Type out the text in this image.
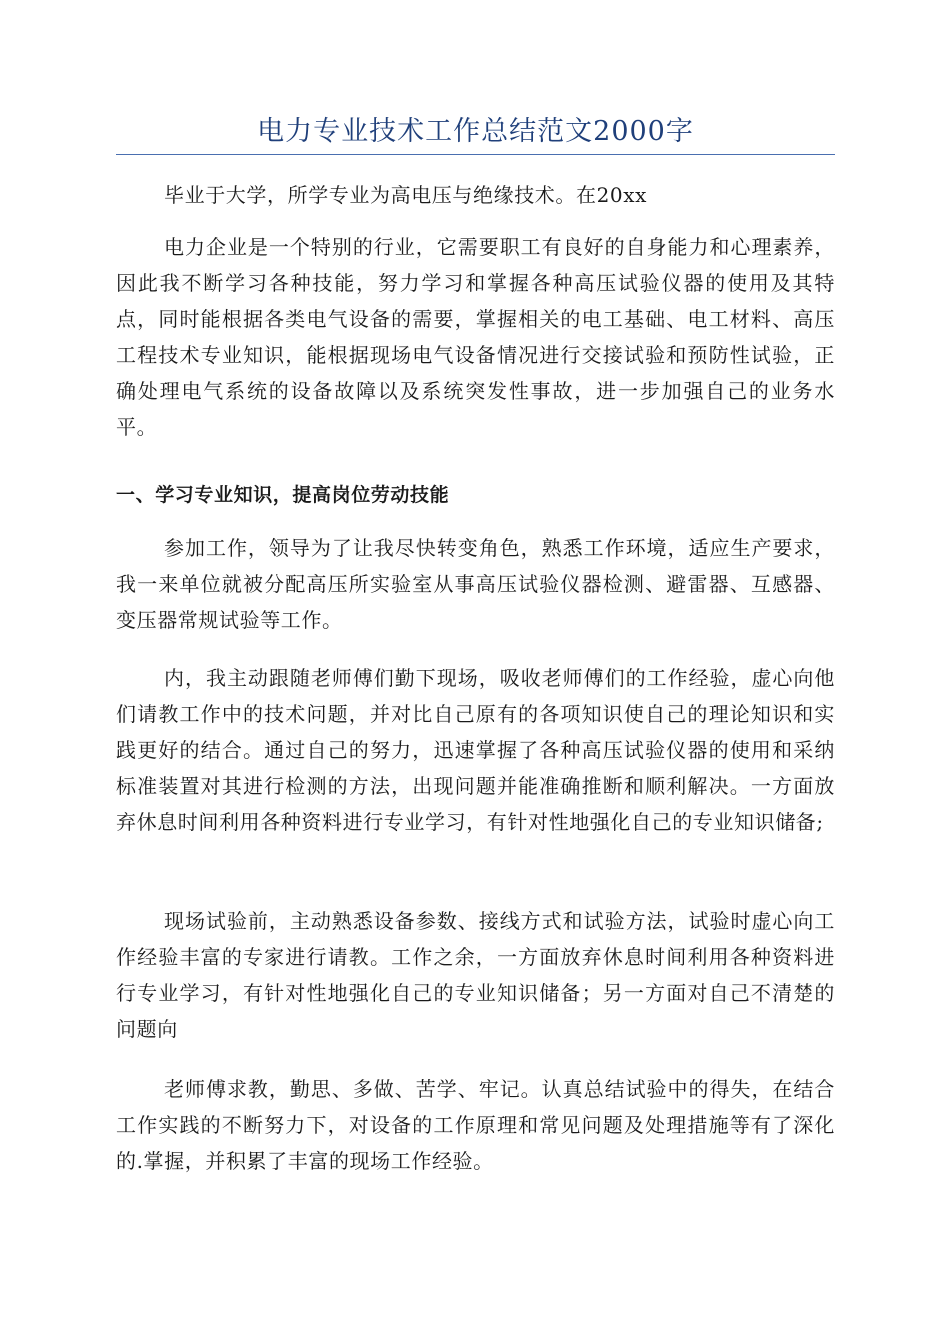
电力专业技术工作总结范文2000字

毕业于大学，所学专业为高电压与绝缘技术。在20xx

电力企业是一个特别的行业，它需要职工有良好的自身能力和心理素养，因此我不断学习各种技能，努力学习和掌握各种高压试验仪器的使用及其特点，同时能根据各类电气设备的需要，掌握相关的电工基础、电工材料、高压工程技术专业知识，能根据现场电气设备情况进行交接试验和预防性试验，正确处理电气系统的设备故障以及系统突发性事故，进一步加强自己的业务水平。

一、学习专业知识，提高岗位劳动技能

参加工作，领导为了让我尽快转变角色，熟悉工作环境，适应生产要求，我一来单位就被分配高压所实验室从事高压试验仪器检测、避雷器、互感器、变压器常规试验等工作。

内，我主动跟随老师傅们勤下现场，吸收老师傅们的工作经验，虚心向他们请教工作中的技术问题，并对比自己原有的各项知识使自己的理论知识和实践更好的结合。通过自己的努力，迅速掌握了各种高压试验仪器的使用和采纳标准装置对其进行检测的方法，出现问题并能准确推断和顺利解决。一方面放弃休息时间利用各种资料进行专业学习，有针对性地强化自己的专业知识储备;

现场试验前，主动熟悉设备参数、接线方式和试验方法，试验时虚心向工作经验丰富的专家进行请教。工作之余，一方面放弃休息时间利用各种资料进行专业学习，有针对性地强化自己的专业知识储备；另一方面对自己不清楚的问题向

老师傅求教，勤思、多做、苦学、牢记。认真总结试验中的得失，在结合工作实践的不断努力下，对设备的工作原理和常见问题及处理措施等有了深化的.掌握，并积累了丰富的现场工作经验。
